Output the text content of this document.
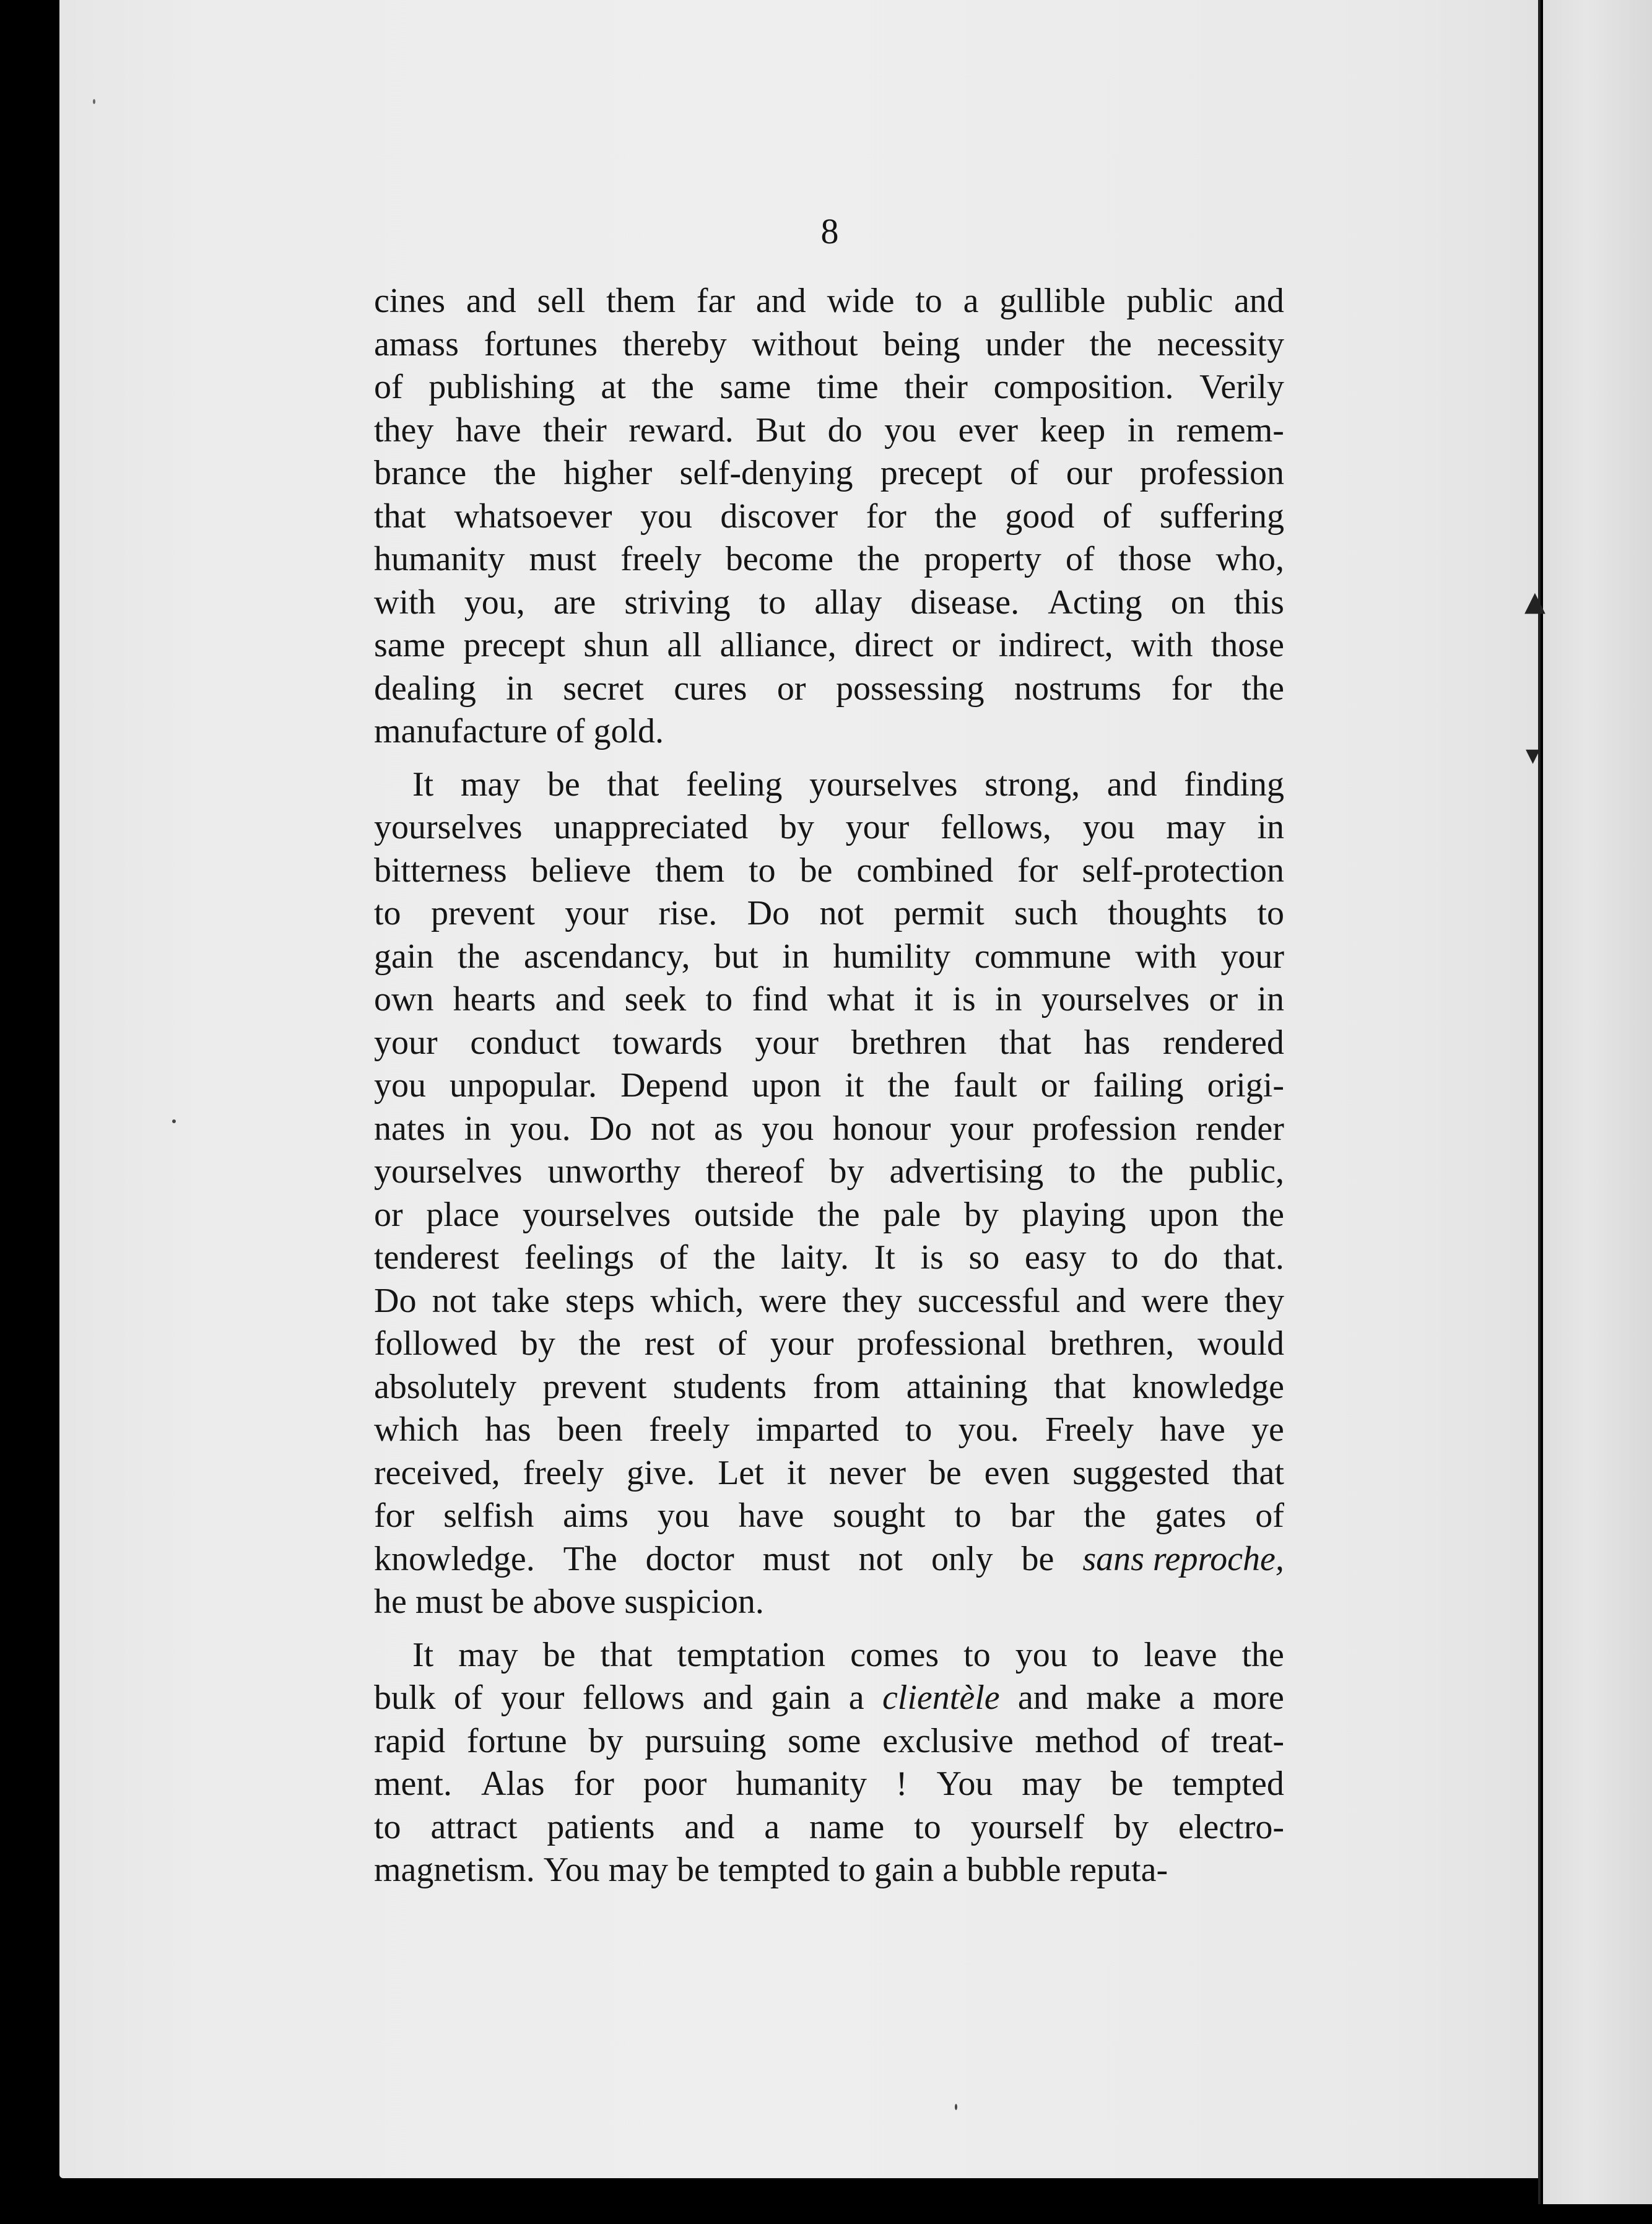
▲
▼
8
cines and sell them far and wide to a gullible public and
amass fortunes thereby without being under the necessity
of publishing at the same time their composition. Verily
they have their reward. But do you ever keep in remem-
brance the higher self-denying precept of our profession
that whatsoever you discover for the good of suffering
humanity must freely become the property of those who,
with you, are striving to allay disease. Acting on this
same precept shun all alliance, direct or indirect, with those
dealing in secret cures or possessing nostrums for the
manufacture of gold.
It may be that feeling yourselves strong, and finding
yourselves unappreciated by your fellows, you may in
bitterness believe them to be combined for self-protection
to prevent your rise. Do not permit such thoughts to
gain the ascendancy, but in humility commune with your
own hearts and seek to find what it is in yourselves or in
your conduct towards your brethren that has rendered
you unpopular. Depend upon it the fault or failing origi-
nates in you. Do not as you honour your profession render
yourselves unworthy thereof by advertising to the public,
or place yourselves outside the pale by playing upon the
tenderest feelings of the laity. It is so easy to do that.
Do not take steps which, were they successful and were they
followed by the rest of your professional brethren, would
absolutely prevent students from attaining that knowledge
which has been freely imparted to you. Freely have ye
received, freely give. Let it never be even suggested that
for selfish aims you have sought to bar the gates of
knowledge. The doctor must not only be sans reproche,
he must be above suspicion.
It may be that temptation comes to you to leave the
bulk of your fellows and gain a clientèle and make a more
rapid fortune by pursuing some exclusive method of treat-
ment. Alas for poor humanity ! You may be tempted
to attract patients and a name to yourself by electro-
magnetism. You may be tempted to gain a bubble reputa-
